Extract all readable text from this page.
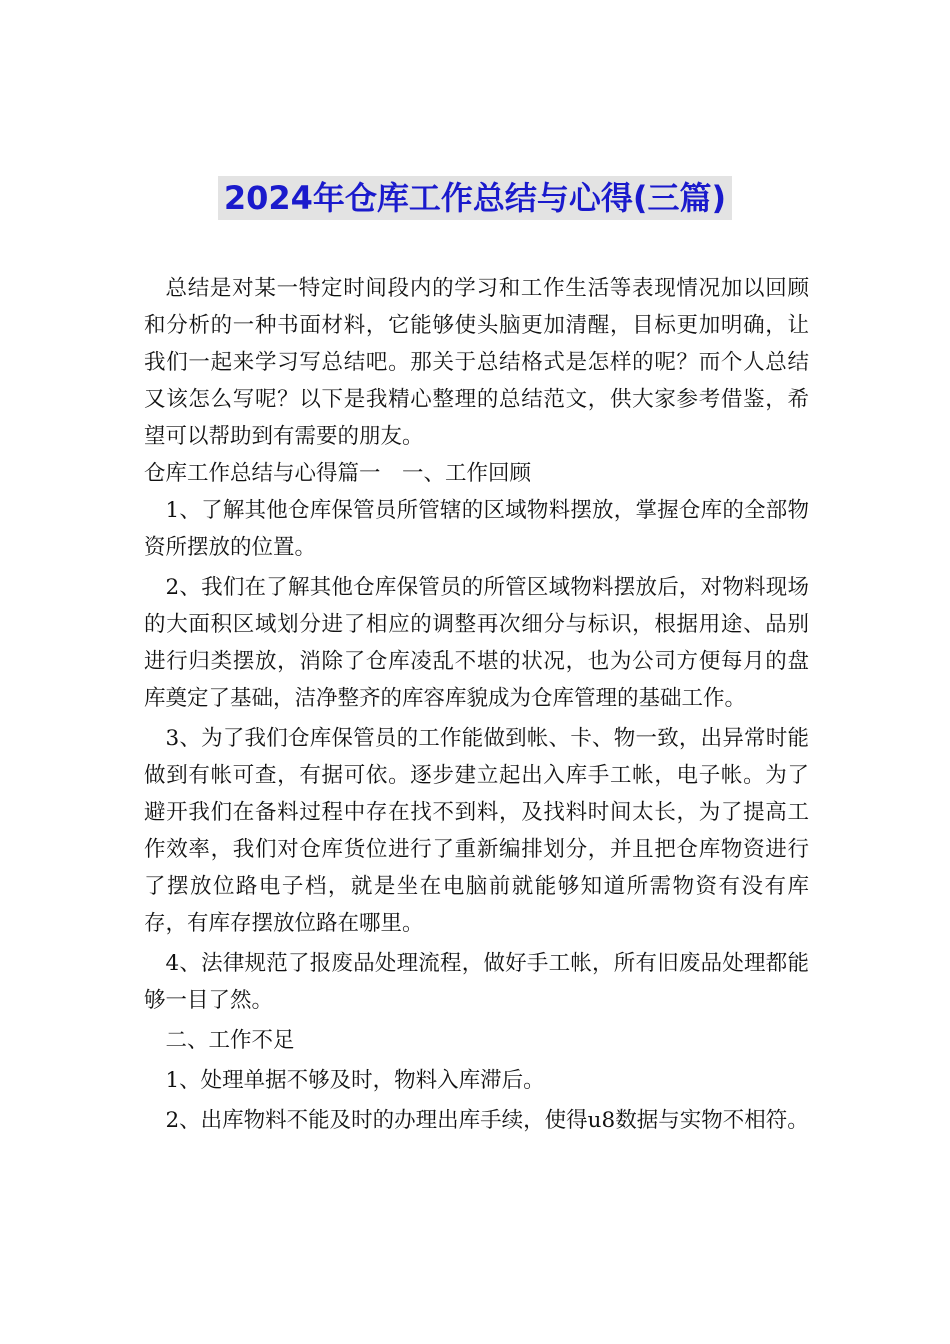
2024年仓库工作总结与心得(三篇)

总结是对某一特定时间段内的学习和工作生活等表现情况加以回顾和分析的一种书面材料，它能够使头脑更加清醒，目标更加明确，让我们一起来学习写总结吧。那关于总结格式是怎样的呢？而个人总结又该怎么写呢？以下是我精心整理的总结范文，供大家参考借鉴，希望可以帮助到有需要的朋友。

仓库工作总结与心得篇一　一、工作回顾

1、了解其他仓库保管员所管辖的区域物料摆放，掌握仓库的全部物资所摆放的位置。

2、我们在了解其他仓库保管员的所管区域物料摆放后，对物料现场的大面积区域划分进了相应的调整再次细分与标识，根据用途、品别进行归类摆放，消除了仓库凌乱不堪的状况，也为公司方便每月的盘库奠定了基础，洁净整齐的库容库貌成为仓库管理的基础工作。

3、为了我们仓库保管员的工作能做到帐、卡、物一致，出异常时能做到有帐可查，有据可依。逐步建立起出入库手工帐，电子帐。为了避开我们在备料过程中存在找不到料，及找料时间太长，为了提高工作效率，我们对仓库货位进行了重新编排划分，并且把仓库物资进行了摆放位路电子档，就是坐在电脑前就能够知道所需物资有没有库存，有库存摆放位路在哪里。

4、法律规范了报废品处理流程，做好手工帐，所有旧废品处理都能够一目了然。

二、工作不足

1、处理单据不够及时，物料入库滞后。

2、出库物料不能及时的办理出库手续，使得u8数据与实物不相符。
